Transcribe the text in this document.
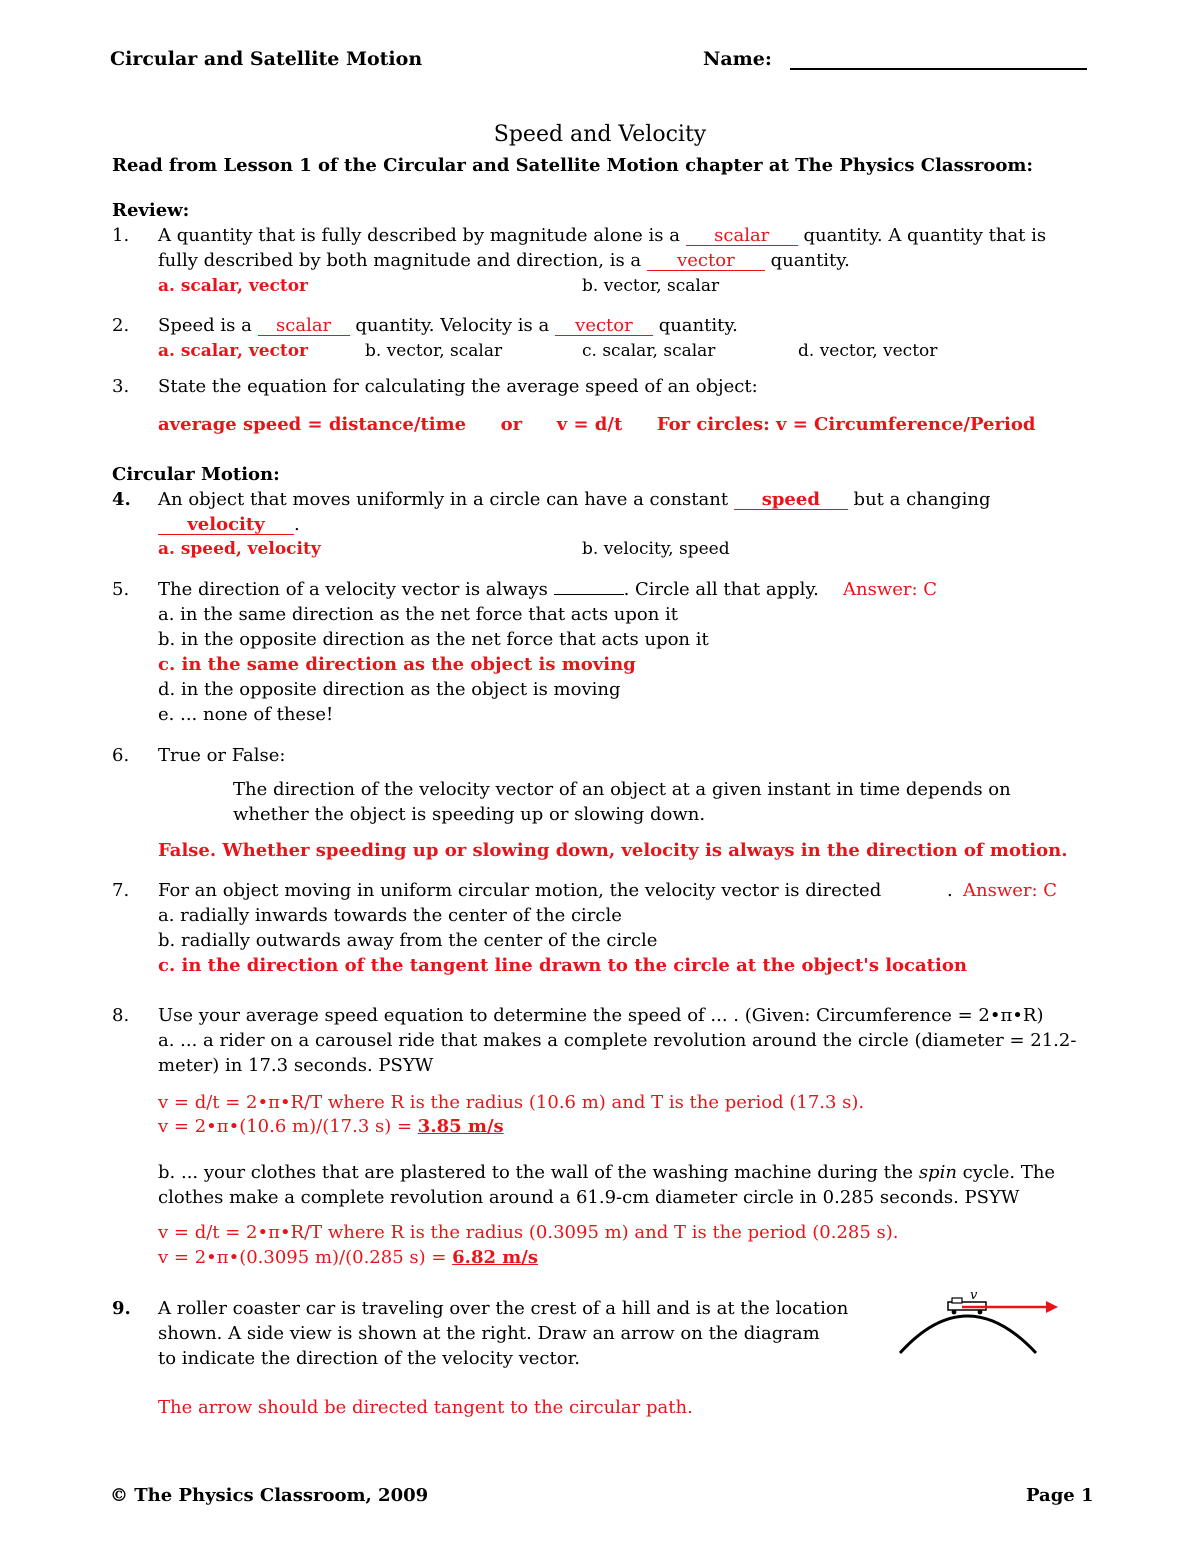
Circular and Satellite Motion	Name:
Speed and Velocity
Read from Lesson 1 of the Circular and Satellite Motion chapter at The Physics Classroom:
Review:
1. A quantity that is fully described by magnitude alone is a scalar quantity. A quantity that is
fully described by both magnitude and direction, is a vector quantity.
a. scalar, vector	b. vector, scalar
2. Speed is a scalar quantity. Velocity is a vector quantity.
a. scalar, vector	b. vector, scalar	c. scalar, scalar	d. vector, vector
3. State the equation for calculating the average speed of an object:
average speed = distance/time or v = d/t For circles: v = Circumference/Period
Circular Motion:
4. An object that moves uniformly in a circle can have a constant speed but a changing
velocity .
a. speed, velocity	b. velocity, speed
5. The direction of a velocity vector is always	. Circle all that apply. Answer: C
a. in the same direction as the net force that acts upon it
b. in the opposite direction as the net force that acts upon it
c. in the same direction as the object is moving
d. in the opposite direction as the object is moving
e. ... none of these!
6. True or False:
The direction of the velocity vector of an object at a given instant in time depends on
whether the object is speeding up or slowing down.
False. Whether speeding up or slowing down, velocity is always in the direction of motion.
7. For an object moving in uniform circular motion, the velocity vector is directed	. Answer: C
a. radially inwards towards the center of the circle
b. radially outwards away from the center of the circle
c. in the direction of the tangent line drawn to the circle at the object's location
8. Use your average speed equation to determine the speed of ... . (Given: Circumference = 2•π•R)
a. ... a rider on a carousel ride that makes a complete revolution around the circle (diameter = 21.2-
meter) in 17.3 seconds. PSYW
v = d/t = 2•π•R/T where R is the radius (10.6 m) and T is the period (17.3 s).
v = 2•π•(10.6 m)/(17.3 s) = 3.85 m/s
b. ... your clothes that are plastered to the wall of the washing machine during the spin cycle. The
clothes make a complete revolution around a 61.9-cm diameter circle in 0.285 seconds. PSYW
v = d/t = 2•π•R/T where R is the radius (0.3095 m) and T is the period (0.285 s).
v = 2•π•(0.3095 m)/(0.285 s) = 6.82 m/s
9. A roller coaster car is traveling over the crest of a hill and is at the location
shown. A side view is shown at the right. Draw an arrow on the diagram
to indicate the direction of the velocity vector.
The arrow should be directed tangent to the circular path.
v
© The Physics Classroom, 2009	Page 1
